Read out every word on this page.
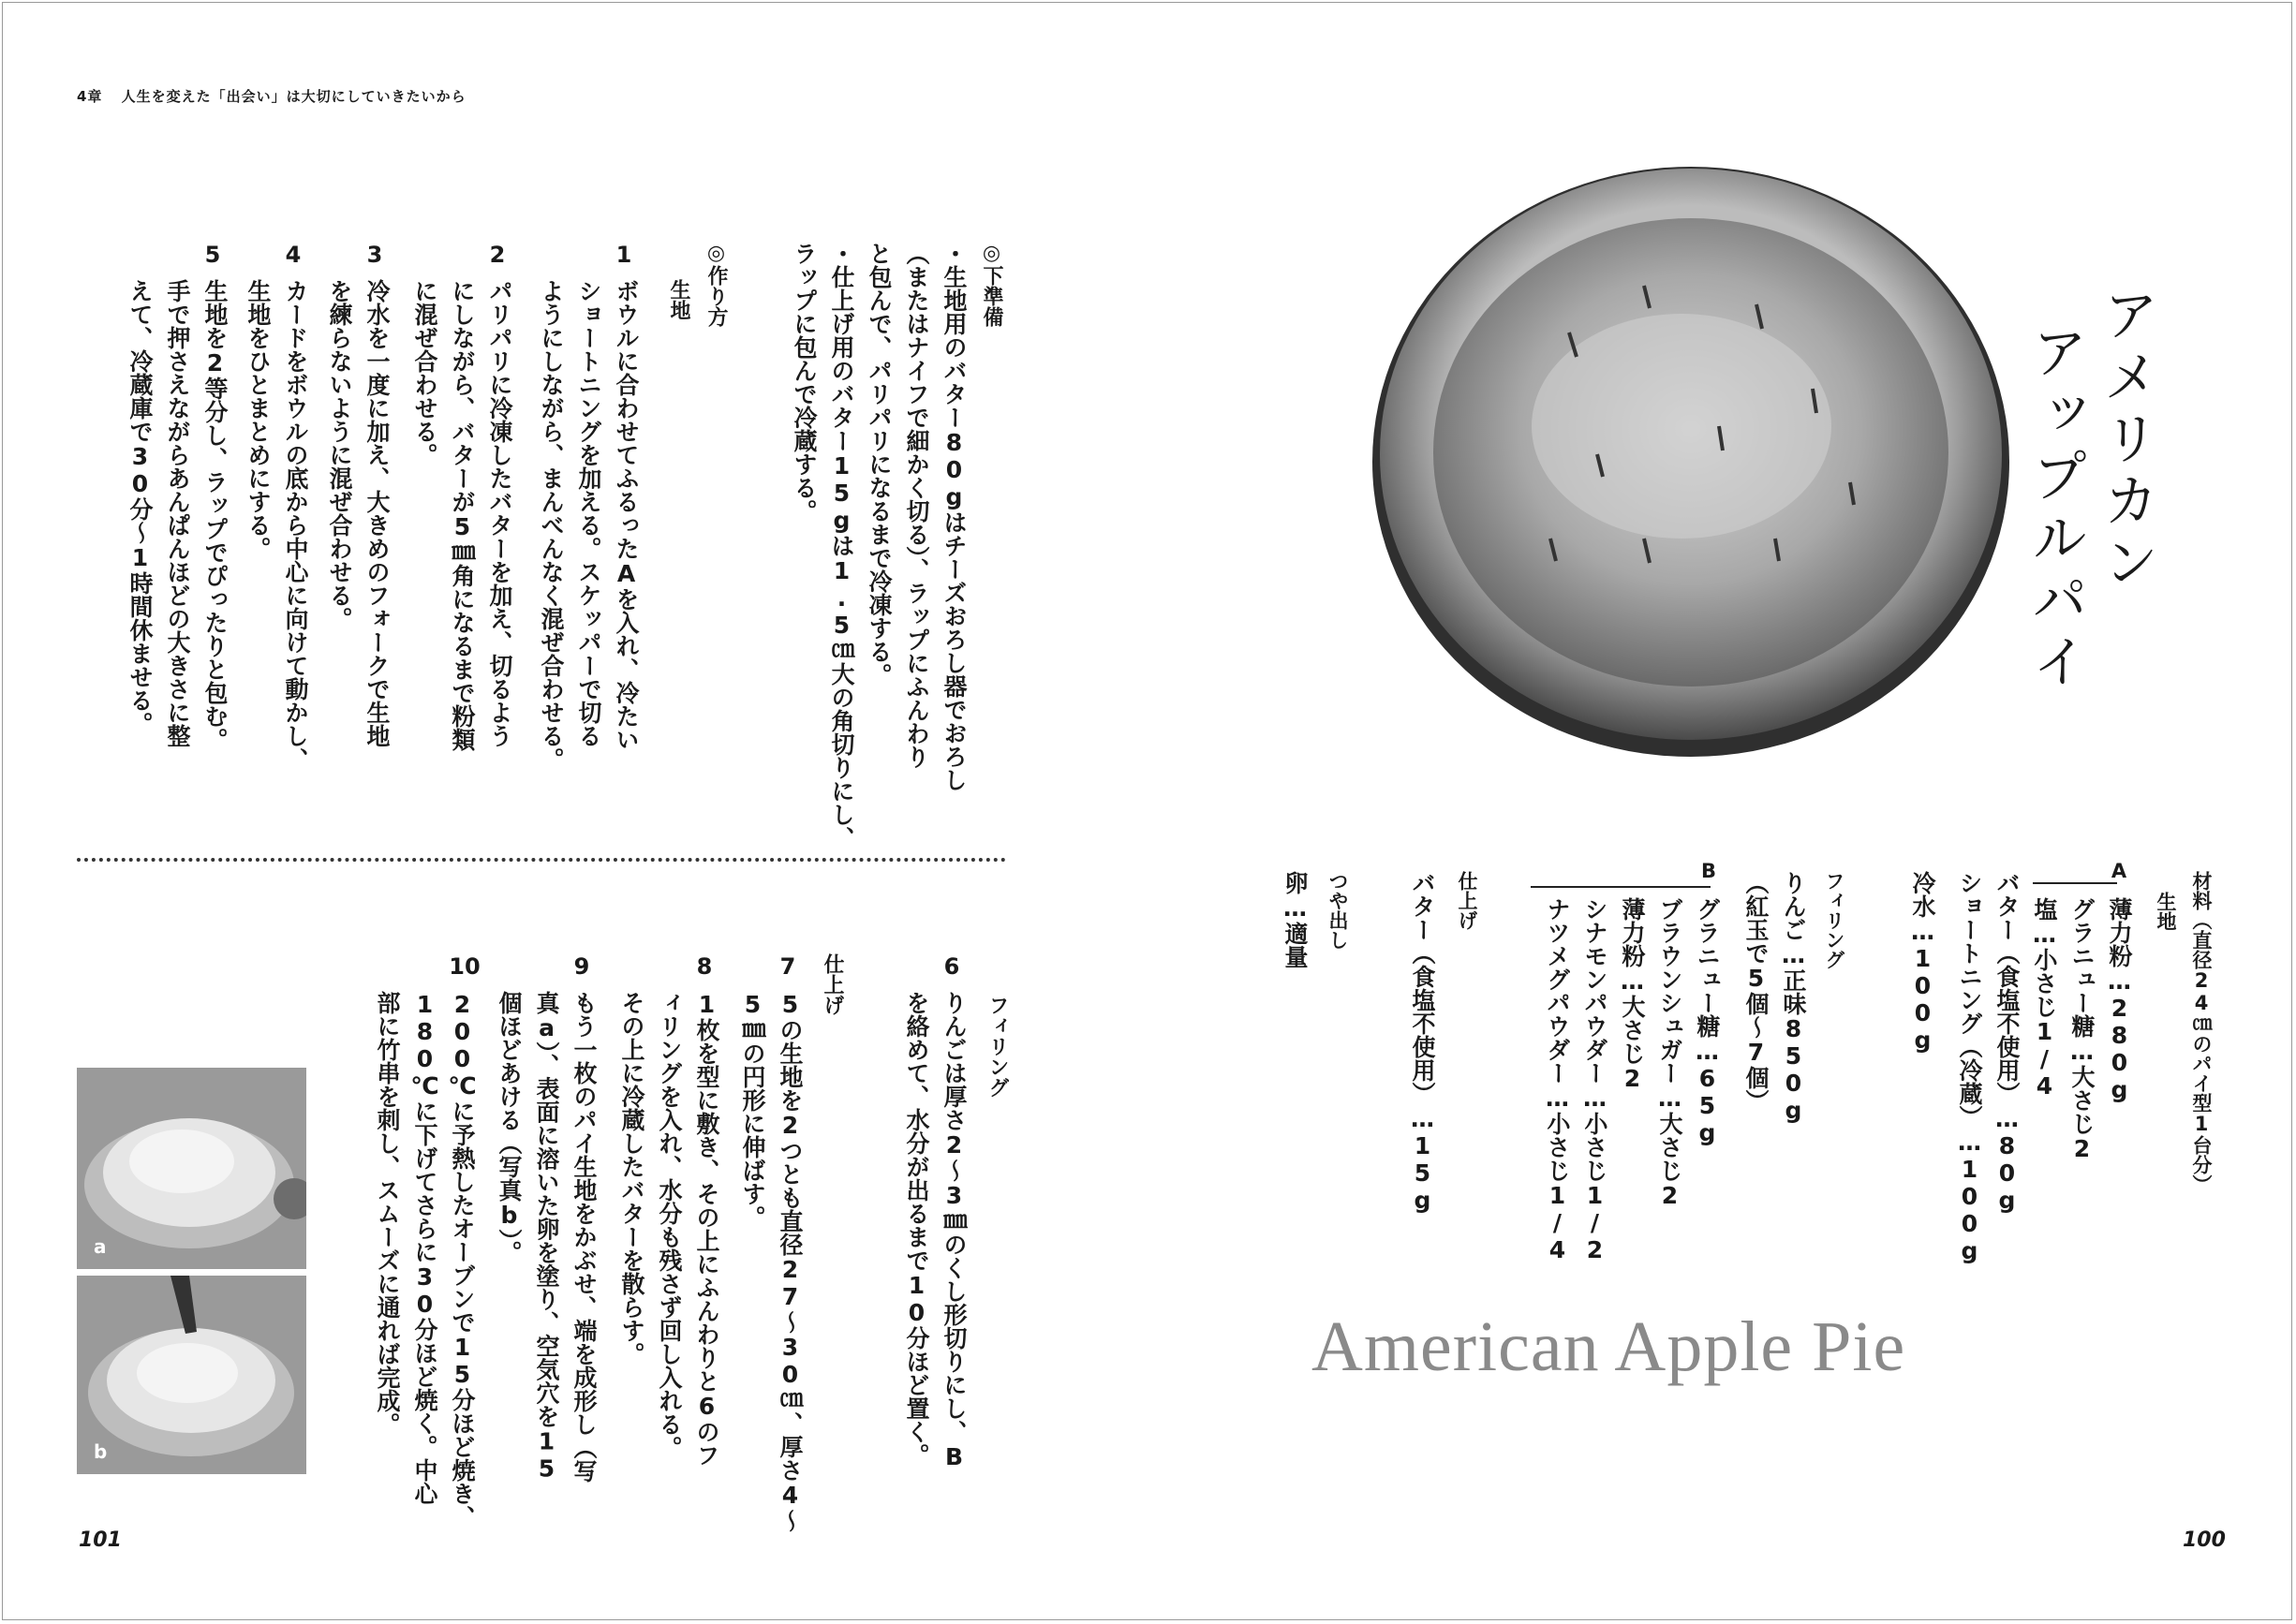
4章 人生を変えた「出会い」は大切にしていきたいから
◎下準備
・生地用のバター80gはチーズおろし器でおろし
（またはナイフで細かく切る）、ラップにふんわり
と包んで、パリパリになるまで冷凍する。
・仕上げ用のバター15gは1.5㎝大の角切りにし、
ラップに包んで冷蔵する。
◎作り方
生地
1
ボウルに合わせてふるったAを入れ、冷たい
ショートニングを加える。スケッパーで切る
ようにしながら、まんべんなく混ぜ合わせる。
2
パリパリに冷凍したバターを加え、切るよう
にしながら、バターが5㎜角になるまで粉類
に混ぜ合わせる。
3
冷水を一度に加え、大きめのフォークで生地
を練らないように混ぜ合わせる。
4
カードをボウルの底から中心に向けて動かし、
生地をひとまとめにする。
5
生地を2等分し、ラップでぴったりと包む。
手で押さえながらあんぱんほどの大きさに整
えて、冷蔵庫で30分〜1時間休ませる。
フィリング
6
りんごは厚さ2〜3㎜のくし形切りにし、B
を絡めて、水分が出るまで10分ほど置く。
仕上げ
7
5の生地を2つとも直径27〜30㎝、厚さ4〜
5㎜の円形に伸ばす。
8
1枚を型に敷き、その上にふんわりと6のフ
ィリングを入れ、水分も残さず回し入れる。
その上に冷蔵したバターを散らす。
9
もう一枚のパイ生地をかぶせ、端を成形し（写
真a）、表面に溶いた卵を塗り、空気穴を15
個ほどあける（写真b）。
10
200℃に予熱したオーブンで15分ほど焼き、
180℃に下げてさらに30分ほど焼く。中心
部に竹串を刺し、スムーズに通れば完成。
a
b
アメリカン
アップルパイ
材料（直径24㎝のパイ型1台分）
生地
A
薄力粉…280g
グラニュー糖…大さじ2
塩…小さじ1/4
バター（食塩不使用）…80g
ショートニング（冷蔵）…100g
冷水…100g
フィリング
りんご…正味850g
（紅玉で5個〜7個）
B
グラニュー糖…65g
ブラウンシュガー…大さじ2
薄力粉…大さじ2
シナモンパウダー…小さじ1/2
ナツメグパウダー…小さじ1/4
仕上げ
バター（食塩不使用）…15g
つや出し
卵…適量
American Apple Pie
101	100
